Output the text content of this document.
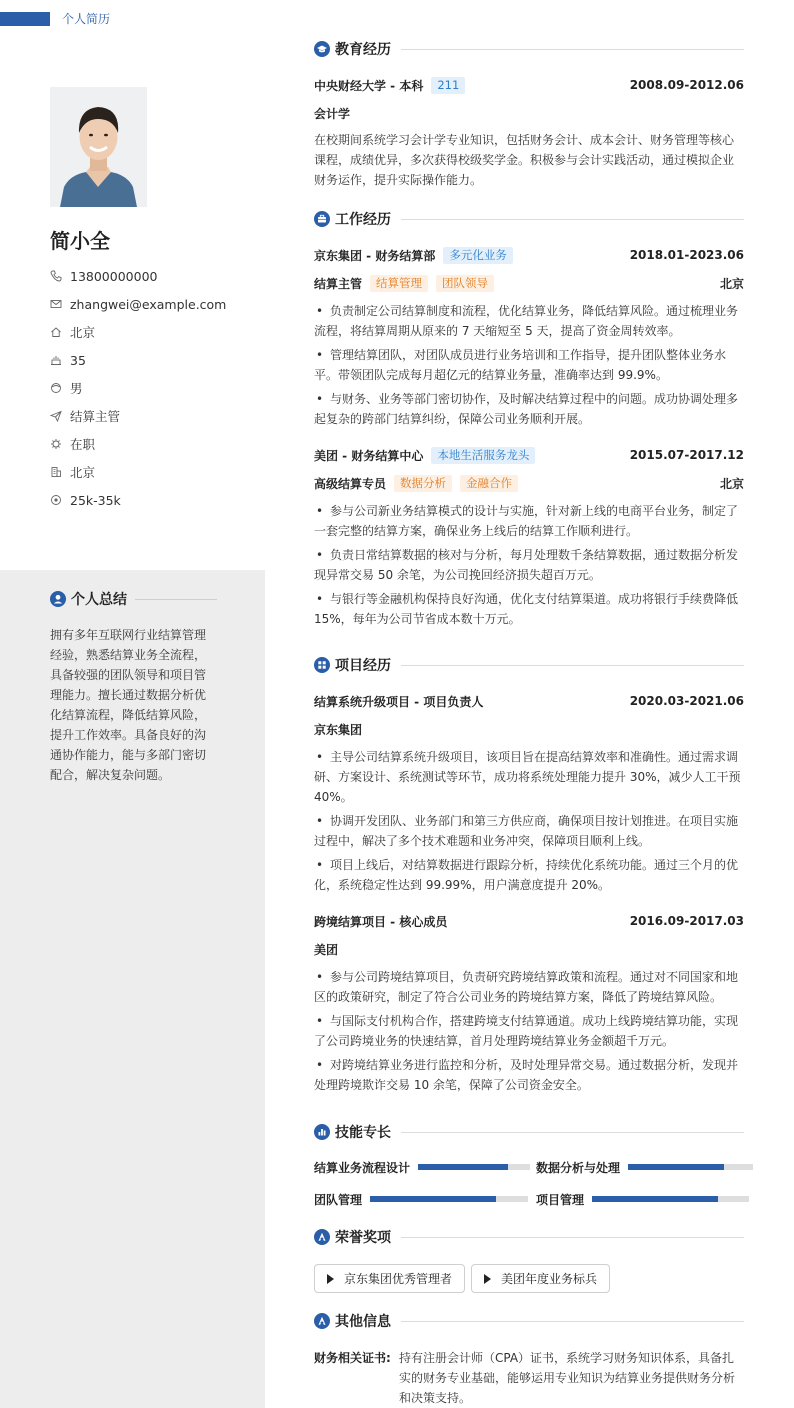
个人简历
简小全
13800000000
zhangwei@example.com
北京
35
男
结算主管
在职
北京
25k-35k
个人总结
拥有多年互联网行业结算管理经验，熟悉结算业务全流程，具备较强的团队领导和项目管理能力。擅长通过数据分析优化结算流程，降低结算风险，提升工作效率。具备良好的沟通协作能力，能与多部门密切配合，解决复杂问题。
教育经历
中央财经大学 - 本科	211	2008.09-2012.06
会计学
在校期间系统学习会计学专业知识，包括财务会计、成本会计、财务管理等核心课程，成绩优异，多次获得校级奖学金。积极参与会计实践活动，通过模拟企业财务运作，提升实际操作能力。
工作经历
京东集团 - 财务结算部	多元化业务	2018.01-2023.06
结算主管	结算管理	团队领导	北京
• 负责制定公司结算制度和流程，优化结算业务，降低结算风险。通过梳理业务流程，将结算周期从原来的 7 天缩短至 5 天，提高了资金周转效率。
• 管理结算团队，对团队成员进行业务培训和工作指导，提升团队整体业务水平。带领团队完成每月超亿元的结算业务量，准确率达到 99.9%。
• 与财务、业务等部门密切协作，及时解决结算过程中的问题。成功协调处理多起复杂的跨部门结算纠纷，保障公司业务顺利开展。
美团 - 财务结算中心	本地生活服务龙头	2015.07-2017.12
高级结算专员	数据分析	金融合作	北京
• 参与公司新业务结算模式的设计与实施，针对新上线的电商平台业务，制定了一套完整的结算方案，确保业务上线后的结算工作顺利进行。
• 负责日常结算数据的核对与分析，每月处理数千条结算数据，通过数据分析发现异常交易 50 余笔，为公司挽回经济损失超百万元。
• 与银行等金融机构保持良好沟通，优化支付结算渠道。成功将银行手续费降低 15%，每年为公司节省成本数十万元。
项目经历
结算系统升级项目 - 项目负责人	2020.03-2021.06
京东集团
• 主导公司结算系统升级项目，该项目旨在提高结算效率和准确性。通过需求调研、方案设计、系统测试等环节，成功将系统处理能力提升 30%，减少人工干预 40%。
• 协调开发团队、业务部门和第三方供应商，确保项目按计划推进。在项目实施过程中，解决了多个技术难题和业务冲突，保障项目顺利上线。
• 项目上线后，对结算数据进行跟踪分析，持续优化系统功能。通过三个月的优化，系统稳定性达到 99.99%，用户满意度提升 20%。
跨境结算项目 - 核心成员	2016.09-2017.03
美团
• 参与公司跨境结算项目，负责研究跨境结算政策和流程。通过对不同国家和地区的政策研究，制定了符合公司业务的跨境结算方案，降低了跨境结算风险。
• 与国际支付机构合作，搭建跨境支付结算通道。成功上线跨境结算功能，实现了公司跨境业务的快速结算，首月处理跨境结算业务金额超千万元。
• 对跨境结算业务进行监控和分析，及时处理异常交易。通过数据分析，发现并处理跨境欺诈交易 10 余笔，保障了公司资金安全。
技能专长
结算业务流程设计	数据分析与处理
团队管理	项目管理
荣誉奖项
京东集团优秀管理者	美团年度业务标兵
其他信息
财务相关证书: 持有注册会计师（CPA）证书，系统学习财务知识体系，具备扎实的财务专业基础，能够运用专业知识为结算业务提供财务分析和决策支持。
